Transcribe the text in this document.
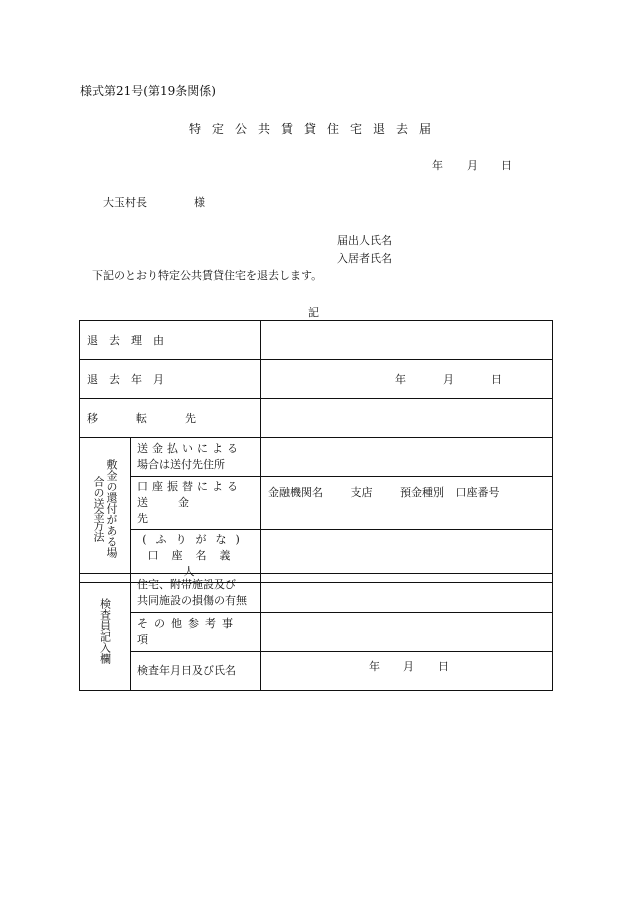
様式第21号(第19条関係)
特定公共賃貸住宅退去届
年 月 日
大玉村長	様
届出人氏名
入居者氏名
下記のとおり特定公共賃貸住宅を退去します。
記
退去理由		
退去年月		年 月 日

移転先		
敷金の還付がある場合の送金方法	送金払いによる
場合は送付先住所	

	口座振替による
送金先	金融機関名 支店 預金種別 口座番号

	(ふりがな)
口座名義人	

検査員記入欄	住宅、附帯施設及び
共同施設の損傷の有無	

	その他参考事項	
	検査年月日及び氏名	年 月 日
